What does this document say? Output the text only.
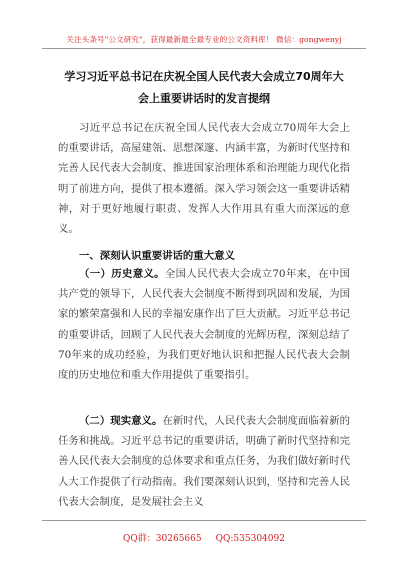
关注头条号"公文研究"，获得最新最全最专业的公文资料库！ 微信：gongwenyj
学习习近平总书记在庆祝全国人民代表大会成立70周年大
会上重要讲话时的发言提纲
习近平总书记在庆祝全国人民代表大会成立70周年大会上的重要讲话，高屋建瓴、思想深邃、内涵丰富，为新时代坚持和完善人民代表大会制度、推进国家治理体系和治理能力现代化指明了前进方向，提供了根本遵循。深入学习领会这一重要讲话精神，对于更好地履行职责、发挥人大作用具有重大而深远的意义。
一、深刻认识重要讲话的重大意义
（一）历史意义。全国人民代表大会成立70年来，在中国共产党的领导下，人民代表大会制度不断得到巩固和发展，为国家的繁荣富强和人民的幸福安康作出了巨大贡献。习近平总书记的重要讲话，回顾了人民代表大会制度的光辉历程，深刻总结了70年来的成功经验，为我们更好地认识和把握人民代表大会制度的历史地位和重大作用提供了重要指引。
（二）现实意义。在新时代，人民代表大会制度面临着新的任务和挑战。习近平总书记的重要讲话，明确了新时代坚持和完善人民代表大会制度的总体要求和重点任务，为我们做好新时代人大工作提供了行动指南。我们要深刻认识到，坚持和完善人民代表大会制度，是发展社会主义
QQ群：30265665 QQ:535304092
